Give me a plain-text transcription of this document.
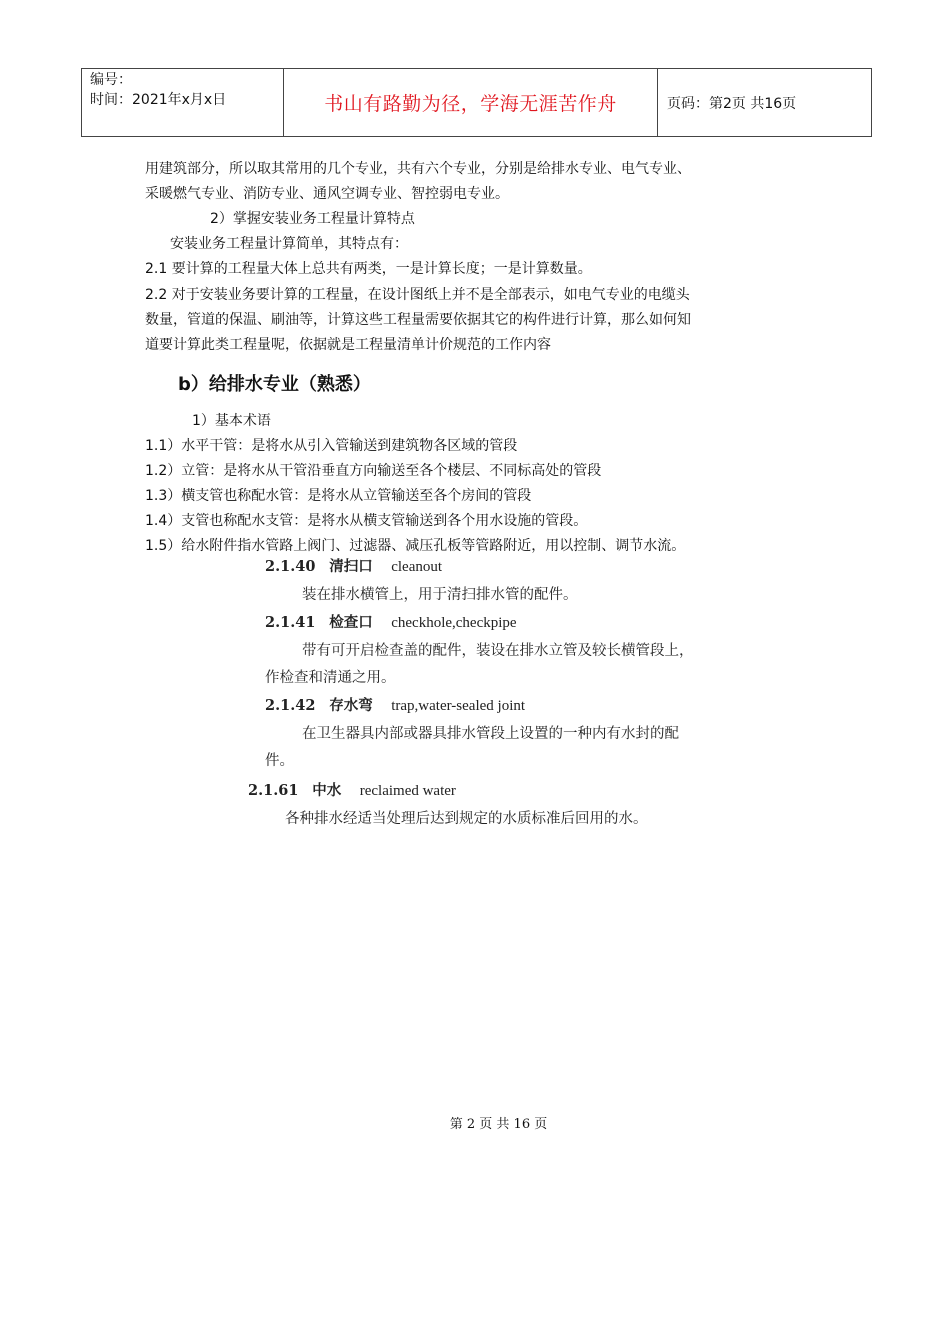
编号：
时间：2021年x月x日	书山有路勤为径，学海无涯苦作舟	页码：第2页 共16页
用建筑部分，所以取其常用的几个专业，共有六个专业，分别是给排水专业、电气专业、
采暖燃气专业、消防专业、通风空调专业、智控弱电专业。
2）掌握安装业务工程量计算特点
安装业务工程量计算简单，其特点有：
2.1 要计算的工程量大体上总共有两类，一是计算长度；一是计算数量。
2.2 对于安装业务要计算的工程量，在设计图纸上并不是全部表示，如电气专业的电缆头
数量，管道的保温、刷油等，计算这些工程量需要依据其它的构件进行计算，那么如何知
道要计算此类工程量呢，依据就是工程量清单计价规范的工作内容
b）给排水专业（熟悉）
1）基本术语
1.1）水平干管：是将水从引入管输送到建筑物各区域的管段
1.2）立管：是将水从干管沿垂直方向输送至各个楼层、不同标高处的管段
1.3）横支管也称配水管：是将水从立管输送至各个房间的管段
1.4）支管也称配水支管：是将水从横支管输送到各个用水设施的管段。
1.5）给水附件指水管路上阀门、过滤器、减压孔板等管路附近，用以控制、调节水流。
2.1.40 清扫口 cleanout
装在排水横管上，用于清扫排水管的配件。
2.1.41 检查口 checkhole,checkpipe
带有可开启检查盖的配件，装设在排水立管及较长横管段上，
作检查和清通之用。
2.1.42 存水弯 trap,water-sealed joint
在卫生器具内部或器具排水管段上设置的一种内有水封的配
件。
2.1.61 中水 reclaimed water
各种排水经适当处理后达到规定的水质标准后回用的水。
第 2 页 共 16 页
